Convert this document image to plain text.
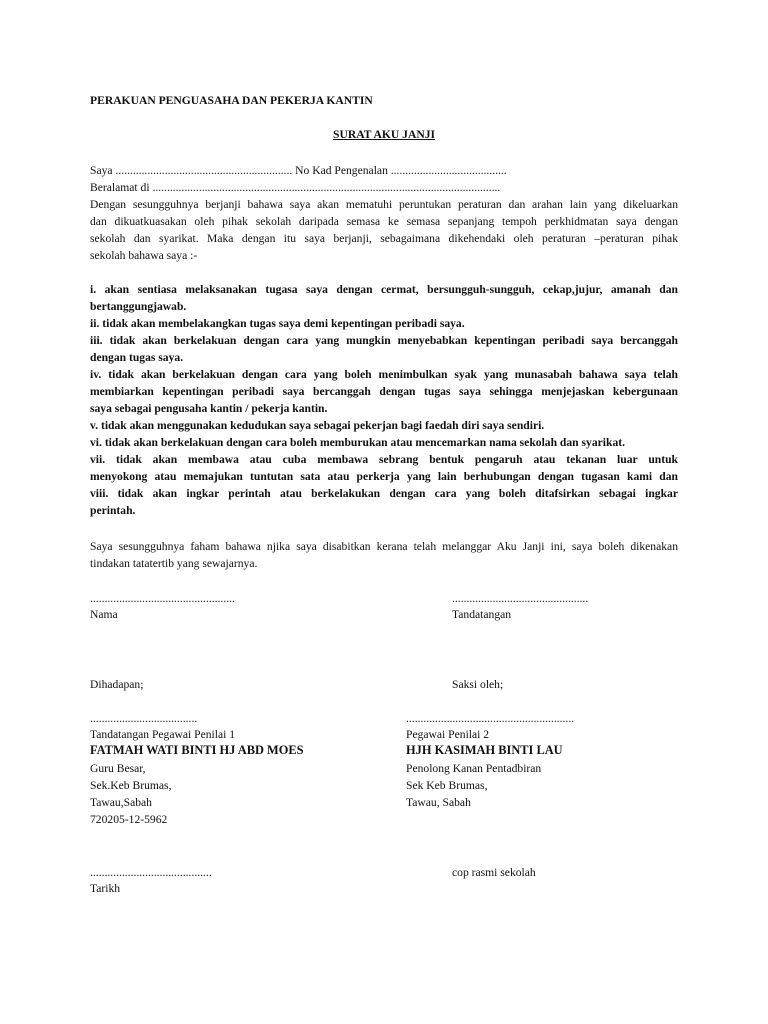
PERAKUAN PENGUASAHA DAN PEKERJA KANTIN
SURAT AKU JANJI
Saya ............................................................. No Kad Pengenalan ........................................
Beralamat di ........................................................................................................................
Dengan sesungguhnya berjanji bahawa saya akan mematuhi peruntukan peraturan dan arahan lain yang dikeluarkan
dan dikuatkuasakan oleh pihak sekolah daripada semasa ke semasa sepanjang tempoh perkhidmatan saya dengan
sekolah dan syarikat. Maka dengan itu saya berjanji, sebagaimana dikehendaki oleh peraturan –peraturan pihak
sekolah bahawa saya :-
i. akan sentiasa melaksanakan tugasa saya dengan cermat, bersungguh-sungguh, cekap,jujur, amanah dan
bertanggungjawab.
ii. tidak akan membelakangkan tugas saya demi kepentingan peribadi saya.
iii. tidak akan berkelakuan dengan cara yang mungkin menyebabkan kepentingan peribadi saya bercanggah
dengan tugas saya.
iv. tidak akan berkelakuan dengan cara yang boleh menimbulkan syak yang munasabah bahawa saya telah
membiarkan kepentingan peribadi saya bercanggah dengan tugas saya sehingga menjejaskan kebergunaan
saya sebagai pengusaha kantin / pekerja kantin.
v. tidak akan menggunakan kedudukan saya sebagai pekerjan bagi faedah diri saya sendiri.
vi. tidak akan berkelakuan dengan cara boleh memburukan atau mencemarkan nama sekolah dan syarikat.
vii. tidak akan membawa atau cuba membawa sebrang bentuk pengaruh atau tekanan luar untuk
menyokong atau memajukan tuntutan sata atau perkerja yang lain berhubungan dengan tugasan kami dan
viii. tidak akan ingkar perintah atau berkelakukan dengan cara yang boleh ditafsirkan sebagai ingkar
perintah.
Saya sesungguhnya faham bahawa njika saya disabitkan kerana telah melanggar Aku Janji ini, saya boleh dikenakan
tindakan tatatertib yang sewajarnya.
..................................................	...............................................
Nama	Tandatangan
Dihadapan;	Saksi oleh;
.....................................	..........................................................
Tandatangan Pegawai Penilai 1	Pegawai Penilai 2
FATMAH WATI BINTI HJ ABD MOES	HJH KASIMAH BINTI LAU
Guru Besar,	Penolong Kanan Pentadbiran
Sek.Keb Brumas,	Sek Keb Brumas,
Tawau,Sabah	Tawau, Sabah
720205-12-5962
..........................................	cop rasmi sekolah
Tarikh
